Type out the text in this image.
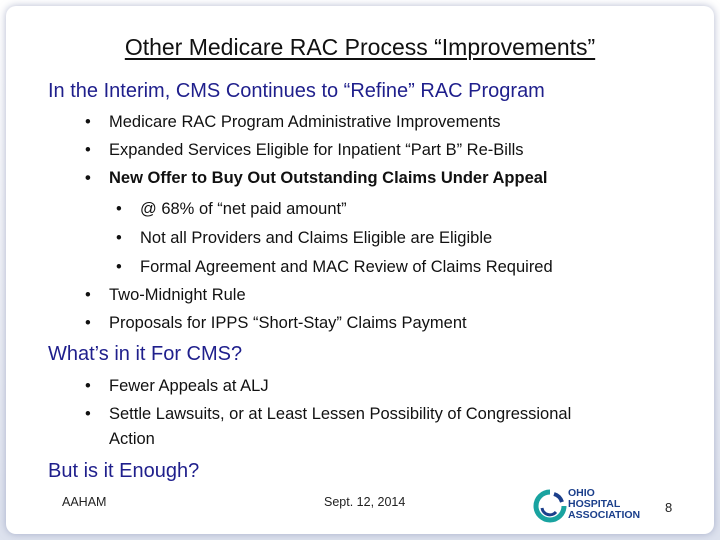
Other Medicare RAC Process “Improvements”
In the Interim, CMS Continues to “Refine” RAC Program
• Medicare RAC Program Administrative Improvements
• Expanded Services Eligible for Inpatient “Part B” Re-Bills
• New Offer to Buy Out Outstanding Claims Under Appeal
• @ 68% of “net paid amount”
• Not all Providers and Claims Eligible are Eligible
• Formal Agreement and MAC Review of Claims Required
• Two-Midnight Rule
• Proposals for IPPS “Short-Stay” Claims Payment
What’s in it For CMS?
• Fewer Appeals at ALJ
• Settle Lawsuits, or at Least Lessen Possibility of Congressional
Action
But is it Enough?
AAHAM	Sept. 12, 2014
OHIO
HOSPITAL
ASSOCIATION 8
